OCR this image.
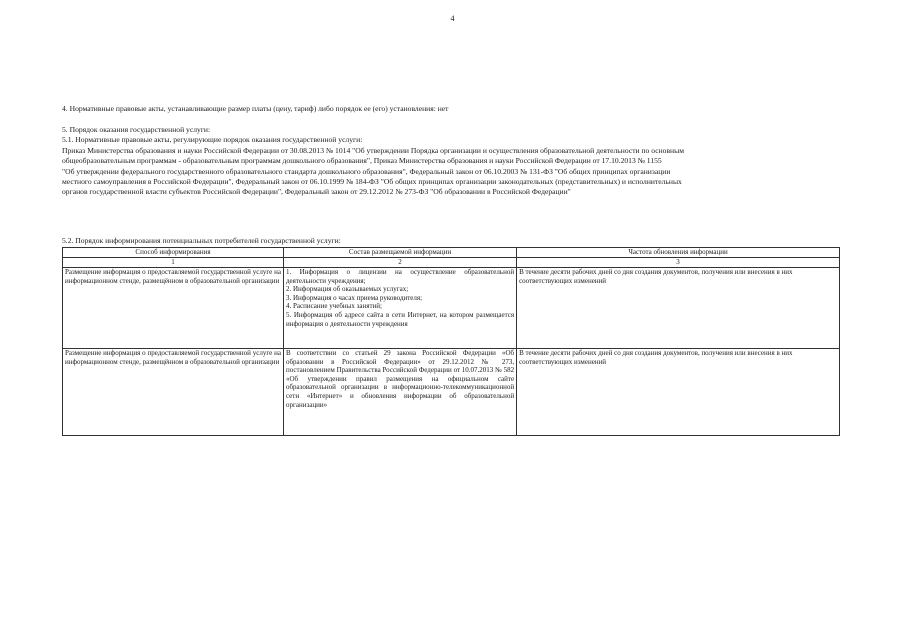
4
4. Нормативные правовые акты, устанавливающие размер платы (цену, тариф) либо порядок ее (его) установления: нет
5. Порядок оказания государственной услуги:
5.1. Нормативные правовые акты, регулирующие порядок оказания государственной услуги:
Приказ Министерства образования и науки Российской Федерации от 30.08.2013 № 1014 "Об утверждении Порядка организации и осуществления образовательной деятельности по основным
общеобразовательным программам - образовательным программам дошкольного образования", Приказ Министерства образования и науки Российской Федерации от 17.10.2013 № 1155
"Об утверждении федерального государственного образовательного стандарта дошкольного образования", Федеральный закон от 06.10.2003 № 131-ФЗ "Об общих принципах организации
местного самоуправления в Российской Федерации", Федеральный закон от 06.10.1999 № 184-ФЗ "Об общих принципах организации законодательных (представительных) и исполнительных
органов государственной власти субъектов Российской Федерации", Федеральный закон от 29.12.2012 № 273-ФЗ "Об образовании в Российской Федерации"
5.2. Порядок информирования потенциальных потребителей государственной услуги:
Способ информирования	Состав размещаемой информации	Частота обновления информации
1	2	3
Размещение информация о предоставляемой государственной услуге на информационном стенде, размещённом в образовательной организации	1. Информация о лицензии на осуществление образовательной деятельности учреждения;
2. Информация об оказываемых услугах;
3. Информация о часах приема руководителя;
4. Расписание учебных занятий;
5. Информация об адресе сайта в сети Интернет, на котором размещается информация о деятельности учреждения	В течение десяти рабочих дней со дня создания документов, получения или внесения в них соответствующих изменений
Размещение информация о предоставляемой государственной услуге на информационном стенде, размещённом в образовательной организации	В соответствии со статьей 29 закона Российской Федерации «Об образовании в Российской Федерации» от 29.12.2012 № 273, постановлением Правительства Российской Федерации от 10.07.2013 № 582 «Об утверждении правил размещения на официальном сайте образовательной организации в информационно-телекоммуникационной сети «Интернет» и обновления информации об образовательной организации»	В течение десяти рабочих дней со дня создания документов, получения или внесения в них соответствующих изменений
